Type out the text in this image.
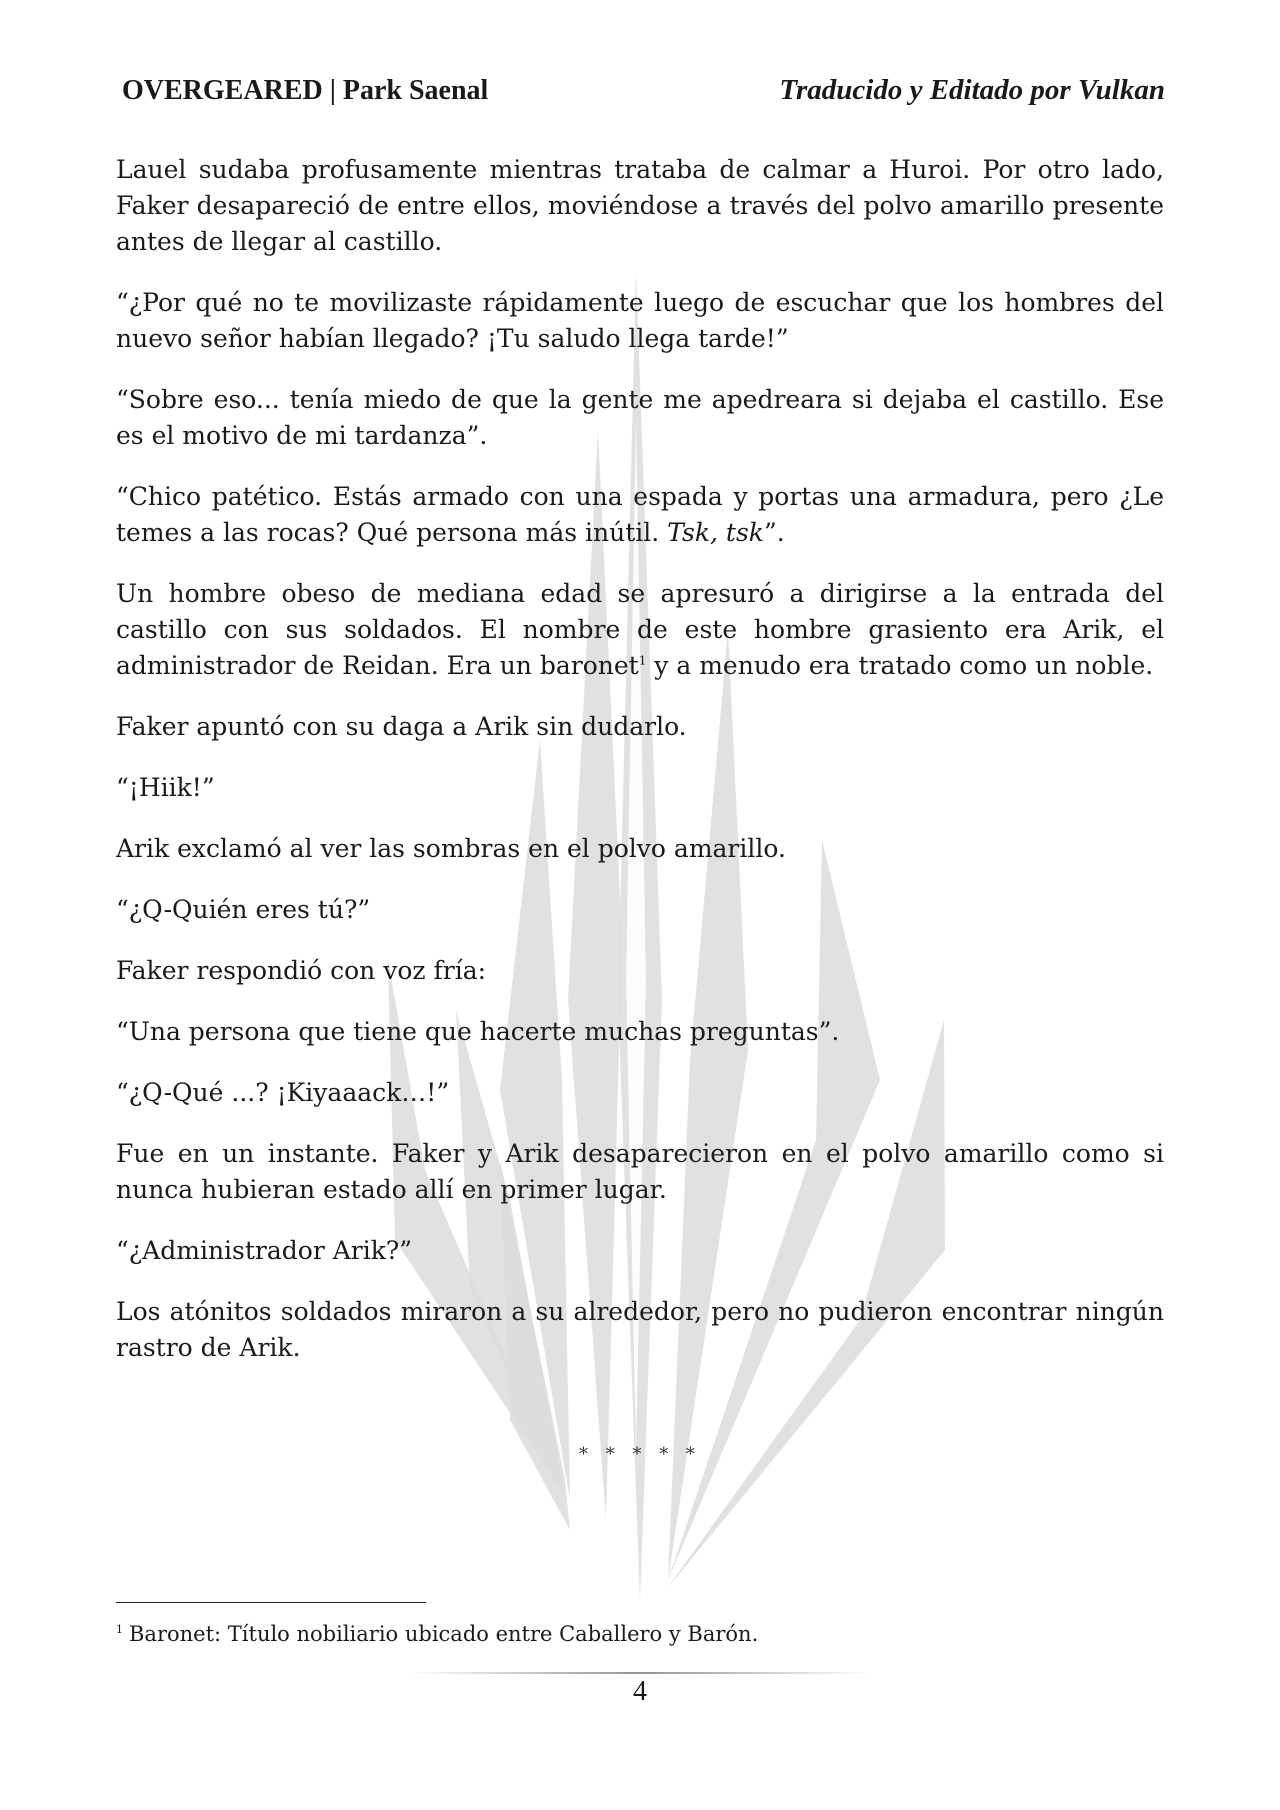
OVERGEARED | Park Saenal	Traducido y Editado por Vulkan

Lauel sudaba profusamente mientras trataba de calmar a Huroi. Por otro lado, Faker desapareció de entre ellos, moviéndose a través del polvo amarillo presente antes de llegar al castillo.

“¿Por qué no te movilizaste rápidamente luego de escuchar que los hombres del nuevo señor habían llegado? ¡Tu saludo llega tarde!”

“Sobre eso... tenía miedo de que la gente me apedreara si dejaba el castillo. Ese es el motivo de mi tardanza”.

“Chico patético. Estás armado con una espada y portas una armadura, pero ¿Le temes a las rocas? Qué persona más inútil. Tsk, tsk”.

Un hombre obeso de mediana edad se apresuró a dirigirse a la entrada del castillo con sus soldados. El nombre de este hombre grasiento era Arik, el administrador de Reidan. Era un baronet$^1$ y a menudo era tratado como un noble.

Faker apuntó con su daga a Arik sin dudarlo.

“¡Hiik!”

Arik exclamó al ver las sombras en el polvo amarillo.

“¿Q-Quién eres tú?”

Faker respondió con voz fría:

“Una persona que tiene que hacerte muchas preguntas”.

“¿Q-Qué ...? ¡Kiyaaack…!”

Fue en un instante. Faker y Arik desaparecieron en el polvo amarillo como si nunca hubieran estado allí en primer lugar.

“¿Administrador Arik?”

Los atónitos soldados miraron a su alrededor, pero no pudieron encontrar ningún rastro de Arik.

* * * * *
$^1$ Baronet: Título nobiliario ubicado entre Caballero y Barón.
4
